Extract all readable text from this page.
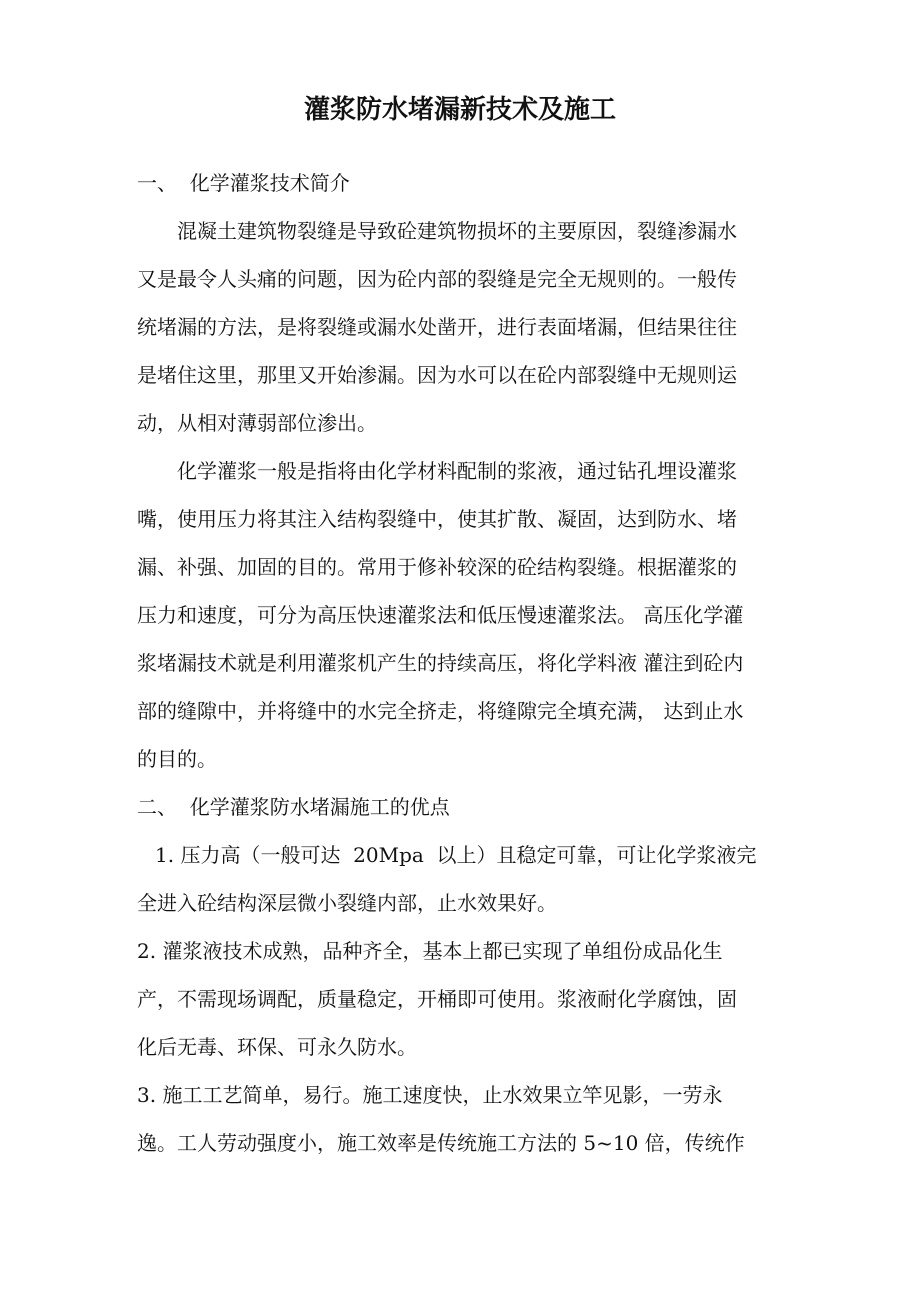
灌浆防水堵漏新技术及施工
一、  化学灌浆技术简介
混凝土建筑物裂缝是导致砼建筑物损坏的主要原因，裂缝渗漏水
又是最令人头痛的问题，因为砼内部的裂缝是完全无规则的。一般传
统堵漏的方法，是将裂缝或漏水处凿开，进行表面堵漏，但结果往往
是堵住这里，那里又开始渗漏。因为水可以在砼内部裂缝中无规则运
动，从相对薄弱部位渗出。
化学灌浆一般是指将由化学材料配制的浆液，通过钻孔埋设灌浆
嘴，使用压力将其注入结构裂缝中，使其扩散、凝固，达到防水、堵
漏、补强、加固的目的。常用于修补较深的砼结构裂缝。根据灌浆的
压力和速度，可分为高压快速灌浆法和低压慢速灌浆法。 高压化学灌
浆堵漏技术就是利用灌浆机产生的持续高压，将化学料液 灌注到砼内
部的缝隙中，并将缝中的水完全挤走，将缝隙完全填充满， 达到止水
的目的。
二、  化学灌浆防水堵漏施工的优点
1. 压力高（一般可达  20Mpa  以上）且稳定可靠，可让化学浆液完
全进入砼结构深层微小裂缝内部，止水效果好。
2. 灌浆液技术成熟，品种齐全，基本上都已实现了单组份成品化生
产，不需现场调配，质量稳定，开桶即可使用。浆液耐化学腐蚀，固
化后无毒、环保、可永久防水。
3. 施工工艺简单，易行。施工速度快，止水效果立竿见影，一劳永
逸。工人劳动强度小，施工效率是传统施工方法的 5~10 倍，传统作
